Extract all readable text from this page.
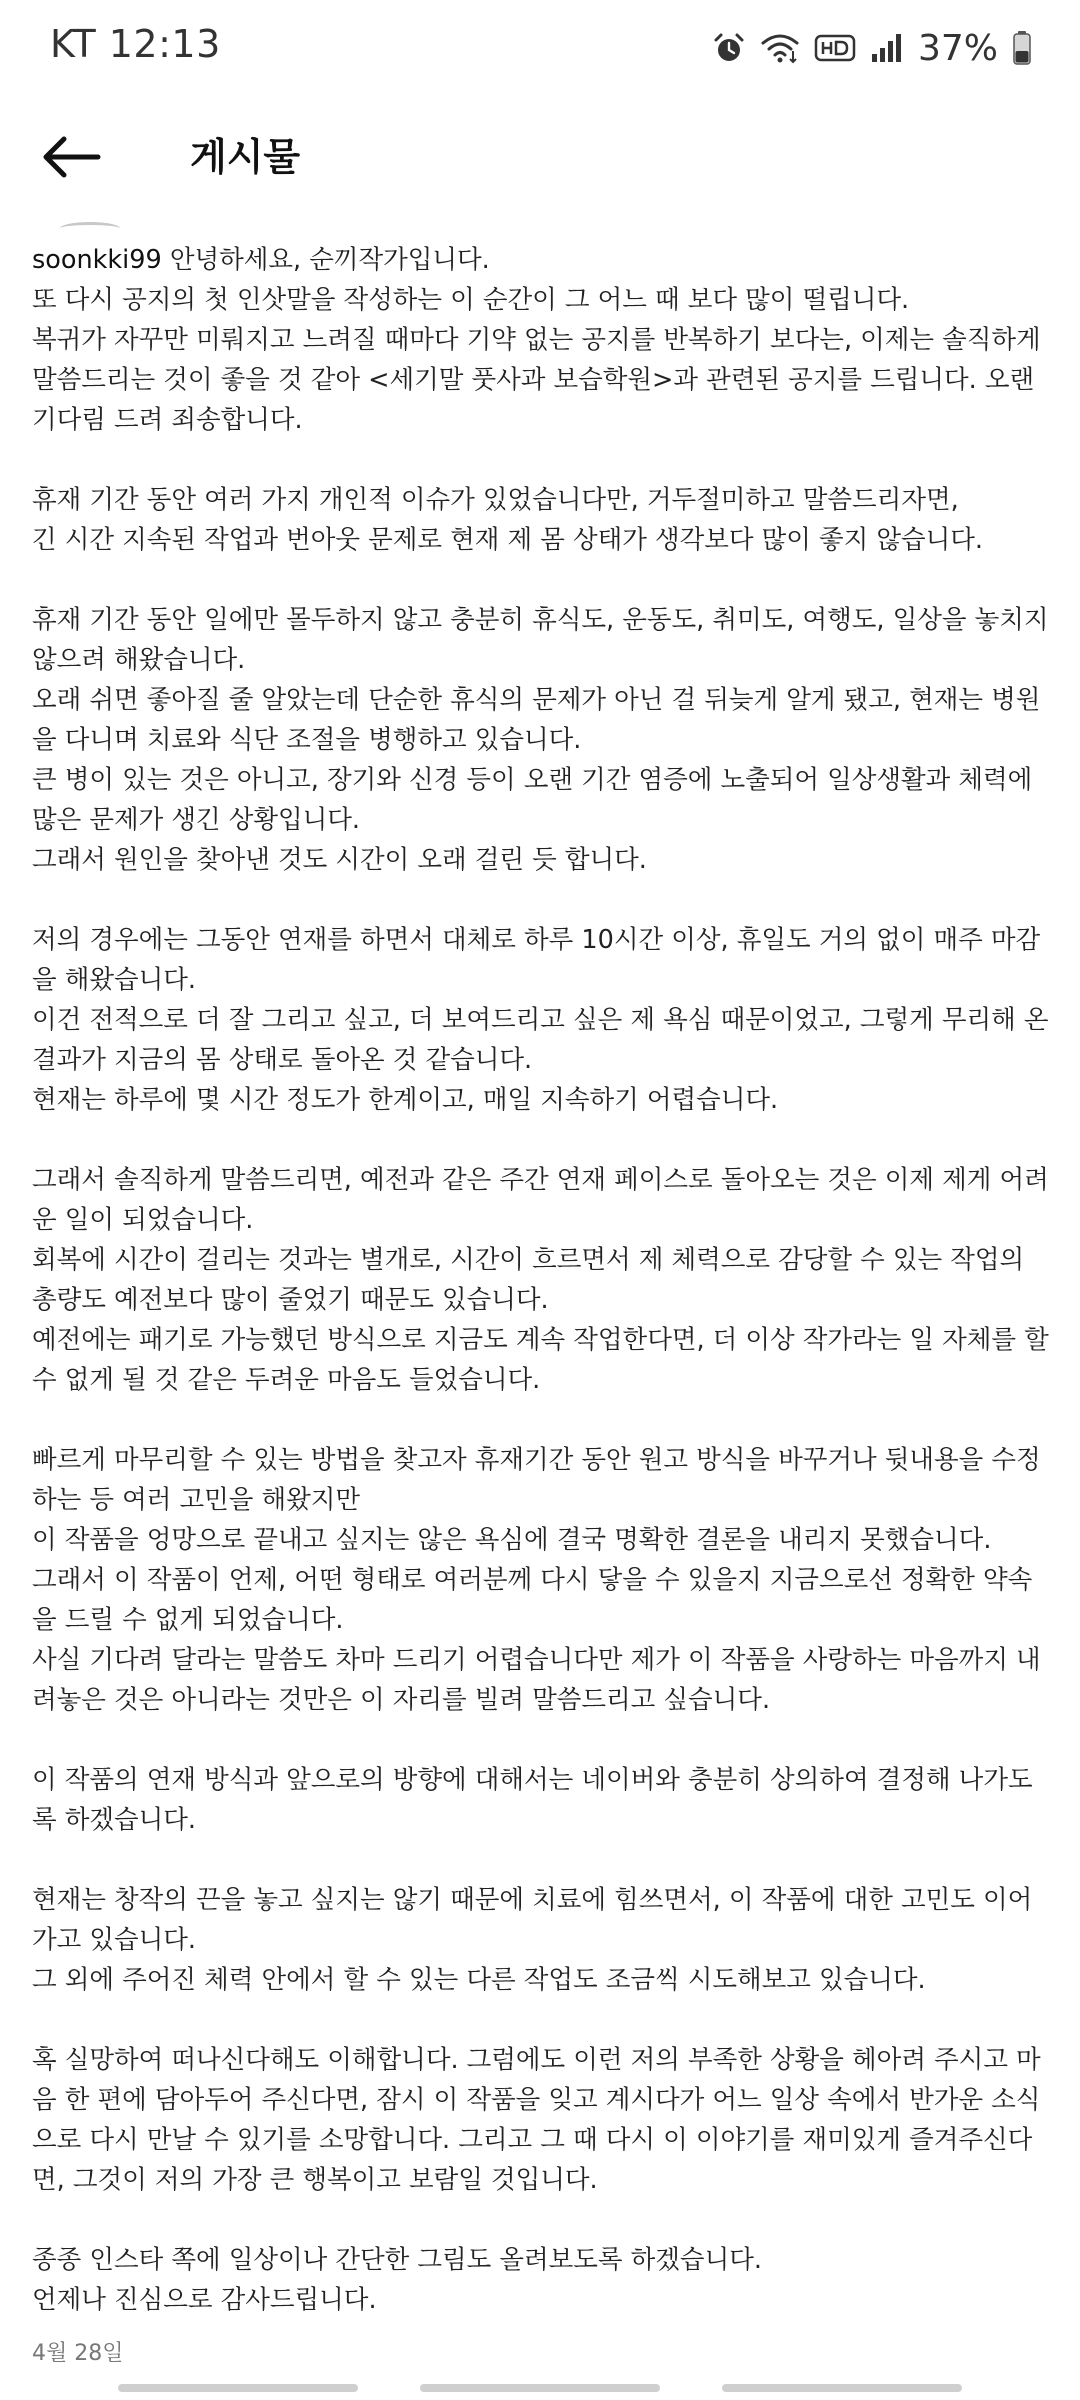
KT 12:13	37%
게시물
soonkki99 안녕하세요, 순끼작가입니다.
또 다시 공지의 첫 인삿말을 작성하는 이 순간이 그 어느 때 보다 많이 떨립니다.
복귀가 자꾸만 미뤄지고 느려질 때마다 기약 없는 공지를 반복하기 보다는, 이제는 솔직하게
말씀드리는 것이 좋을 것 같아 <세기말 풋사과 보습학원>과 관련된 공지를 드립니다. 오랜
기다림 드려 죄송합니다.
휴재 기간 동안 여러 가지 개인적 이슈가 있었습니다만, 거두절미하고 말씀드리자면,
긴 시간 지속된 작업과 번아웃 문제로 현재 제 몸 상태가 생각보다 많이 좋지 않습니다.
휴재 기간 동안 일에만 몰두하지 않고 충분히 휴식도, 운동도, 취미도, 여행도, 일상을 놓치지
않으려 해왔습니다.
오래 쉬면 좋아질 줄 알았는데 단순한 휴식의 문제가 아닌 걸 뒤늦게 알게 됐고, 현재는 병원
을 다니며 치료와 식단 조절을 병행하고 있습니다.
큰 병이 있는 것은 아니고, 장기와 신경 등이 오랜 기간 염증에 노출되어 일상생활과 체력에
많은 문제가 생긴 상황입니다.
그래서 원인을 찾아낸 것도 시간이 오래 걸린 듯 합니다.
저의 경우에는 그동안 연재를 하면서 대체로 하루 10시간 이상, 휴일도 거의 없이 매주 마감
을 해왔습니다.
이건 전적으로 더 잘 그리고 싶고, 더 보여드리고 싶은 제 욕심 때문이었고, 그렇게 무리해 온
결과가 지금의 몸 상태로 돌아온 것 같습니다.
현재는 하루에 몇 시간 정도가 한계이고, 매일 지속하기 어렵습니다.
그래서 솔직하게 말씀드리면, 예전과 같은 주간 연재 페이스로 돌아오는 것은 이제 제게 어려
운 일이 되었습니다.
회복에 시간이 걸리는 것과는 별개로, 시간이 흐르면서 제 체력으로 감당할 수 있는 작업의
총량도 예전보다 많이 줄었기 때문도 있습니다.
예전에는 패기로 가능했던 방식으로 지금도 계속 작업한다면, 더 이상 작가라는 일 자체를 할
수 없게 될 것 같은 두려운 마음도 들었습니다.
빠르게 마무리할 수 있는 방법을 찾고자 휴재기간 동안 원고 방식을 바꾸거나 뒷내용을 수정
하는 등 여러 고민을 해왔지만
이 작품을 엉망으로 끝내고 싶지는 않은 욕심에 결국 명확한 결론을 내리지 못했습니다.
그래서 이 작품이 언제, 어떤 형태로 여러분께 다시 닿을 수 있을지 지금으로선 정확한 약속
을 드릴 수 없게 되었습니다.
사실 기다려 달라는 말씀도 차마 드리기 어렵습니다만 제가 이 작품을 사랑하는 마음까지 내
려놓은 것은 아니라는 것만은 이 자리를 빌려 말씀드리고 싶습니다.
이 작품의 연재 방식과 앞으로의 방향에 대해서는 네이버와 충분히 상의하여 결정해 나가도
록 하겠습니다.
현재는 창작의 끈을 놓고 싶지는 않기 때문에 치료에 힘쓰면서, 이 작품에 대한 고민도 이어
가고 있습니다.
그 외에 주어진 체력 안에서 할 수 있는 다른 작업도 조금씩 시도해보고 있습니다.
혹 실망하여 떠나신다해도 이해합니다. 그럼에도 이런 저의 부족한 상황을 헤아려 주시고 마
음 한 편에 담아두어 주신다면, 잠시 이 작품을 잊고 계시다가 어느 일상 속에서 반가운 소식
으로 다시 만날 수 있기를 소망합니다. 그리고 그 때 다시 이 이야기를 재미있게 즐겨주신다
면, 그것이 저의 가장 큰 행복이고 보람일 것입니다.
종종 인스타 쪽에 일상이나 간단한 그림도 올려보도록 하겠습니다.
언제나 진심으로 감사드립니다.
4월 28일
